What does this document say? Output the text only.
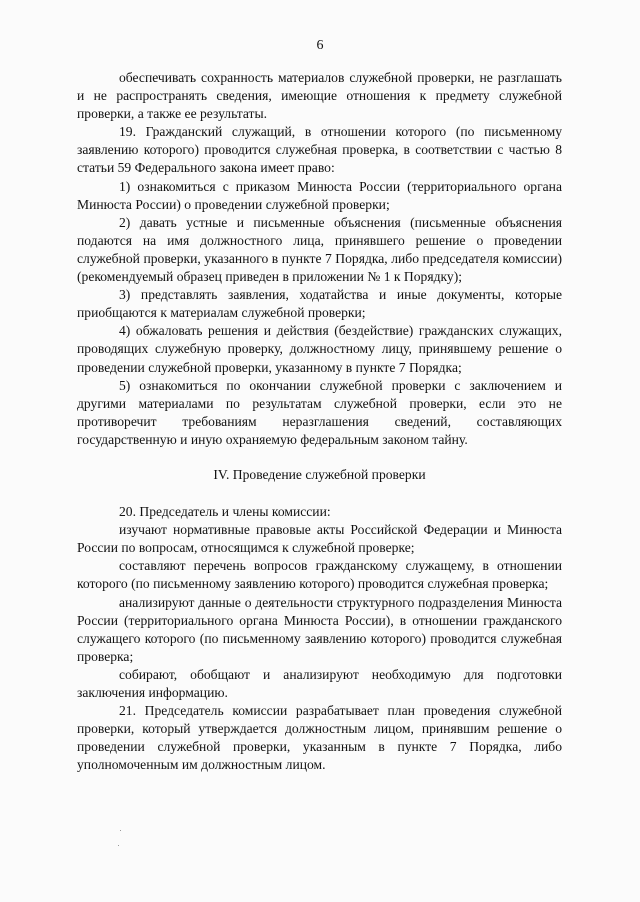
6

обеспечивать сохранность материалов служебной проверки, не разглашать и не распространять сведения, имеющие отношения к предмету служебной проверки, а также ее результаты.

19. Гражданский служащий, в отношении которого (по письменному заявлению которого) проводится служебная проверка, в соответствии с частью 8 статьи 59 Федерального закона имеет право:

1) ознакомиться с приказом Минюста России (территориального органа Минюста России) о проведении служебной проверки;

2) давать устные и письменные объяснения (письменные объяснения подаются на имя должностного лица, принявшего решение о проведении служебной проверки, указанного в пункте 7 Порядка, либо председателя комиссии) (рекомендуемый образец приведен в приложении № 1 к Порядку);

3) представлять заявления, ходатайства и иные документы, которые приобщаются к материалам служебной проверки;

4) обжаловать решения и действия (бездействие) гражданских служащих, проводящих служебную проверку, должностному лицу, принявшему решение о проведении служебной проверки, указанному в пункте 7 Порядка;

5) ознакомиться по окончании служебной проверки с заключением и другими материалами по результатам служебной проверки, если это не противоречит требованиям неразглашения сведений, составляющих государственную и иную охраняемую федеральным законом тайну.

IV. Проведение служебной проверки

20. Председатель и члены комиссии:

изучают нормативные правовые акты Российской Федерации и Минюста России по вопросам, относящимся к служебной проверке;

составляют перечень вопросов гражданскому служащему, в отношении которого (по письменному заявлению которого) проводится служебная проверка;

анализируют данные о деятельности структурного подразделения Минюста России (территориального органа Минюста России), в отношении гражданского служащего которого (по письменному заявлению которого) проводится служебная проверка;

собирают, обобщают и анализируют необходимую для подготовки заключения информацию.

21. Председатель комиссии разрабатывает план проведения служебной проверки, который утверждается должностным лицом, принявшим решение о проведении служебной проверки, указанным в пункте 7 Порядка, либо уполномоченным им должностным лицом.
